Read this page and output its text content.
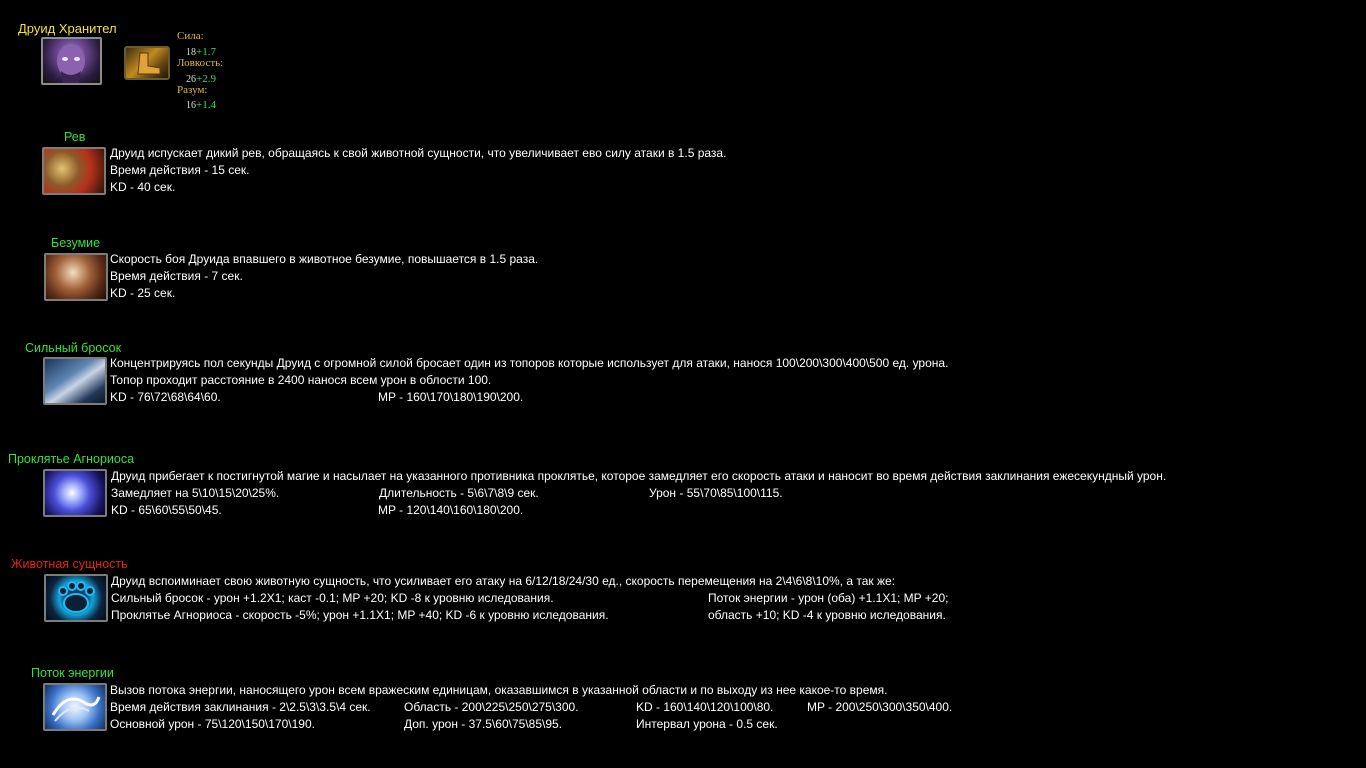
Друид Хранител	Сила:
18+1.7
Ловкость:
26+2.9
Разум:
16+1.4
Рев
Друид испускает дикий рев, обращаясь к свой животной сущности, что увеличивает ево силу атаки в 1.5 раза.
Время действия - 15 сек.
KD - 40 сек.
Безумие
Скорость боя Друида впавшего в животное безумие, повышается в 1.5 раза.
Время действия - 7 сек.
KD - 25 сек.
Сильный бросок
Концентрируясь пол секунды Друид с огромной силой бросает один из топоров которые использует для атаки, нанося 100\200\300\400\500 ед. урона.
Топор проходит расстояние в 2400 нанося всем урон в облости 100.
KD - 76\72\68\64\60.	MP - 160\170\180\190\200.
Проклятье Агнориоса
Друид прибегает к постигнутой магие и насылает на указанного противника проклятье, которое замедляет его скорость атаки и наносит во время действия заклинания ежесекундный урон.
Замедляет на 5\10\15\20\25%.	Длительность - 5\6\7\8\9 сек.	Урон - 55\70\85\100\115.
KD - 65\60\55\50\45.	MP - 120\140\160\180\200.
Животная сущность
Друид вспоиминает свою животную сущность, что усиливает его атаку на 6/12/18/24/30 ед., скорость перемещения на 2\4\6\8\10%, а так же:
Сильный бросок - урон +1.2X1; каст -0.1; MP +20; KD -8 к уровню иследования.	Поток энергии - урон (оба) +1.1X1; MP +20;
Проклятье Агнориоса - скорость -5%; урон +1.1X1; MP +40; KD -6 к уровню иследования.	область +10; KD -4 к уровню иследования.
Поток энергии
Вызов потока энергии, наносящего урон всем вражеским единицам, оказавшимся в указанной области и по выходу из нее какое-то время.
Время действия заклинания - 2\2.5\3\3.5\4 сек.	Область - 200\225\250\275\300.	KD - 160\140\120\100\80.	MP - 200\250\300\350\400.
Основной урон - 75\120\150\170\190.	Доп. урон - 37.5\60\75\85\95.	Интервал урона - 0.5 сек.
